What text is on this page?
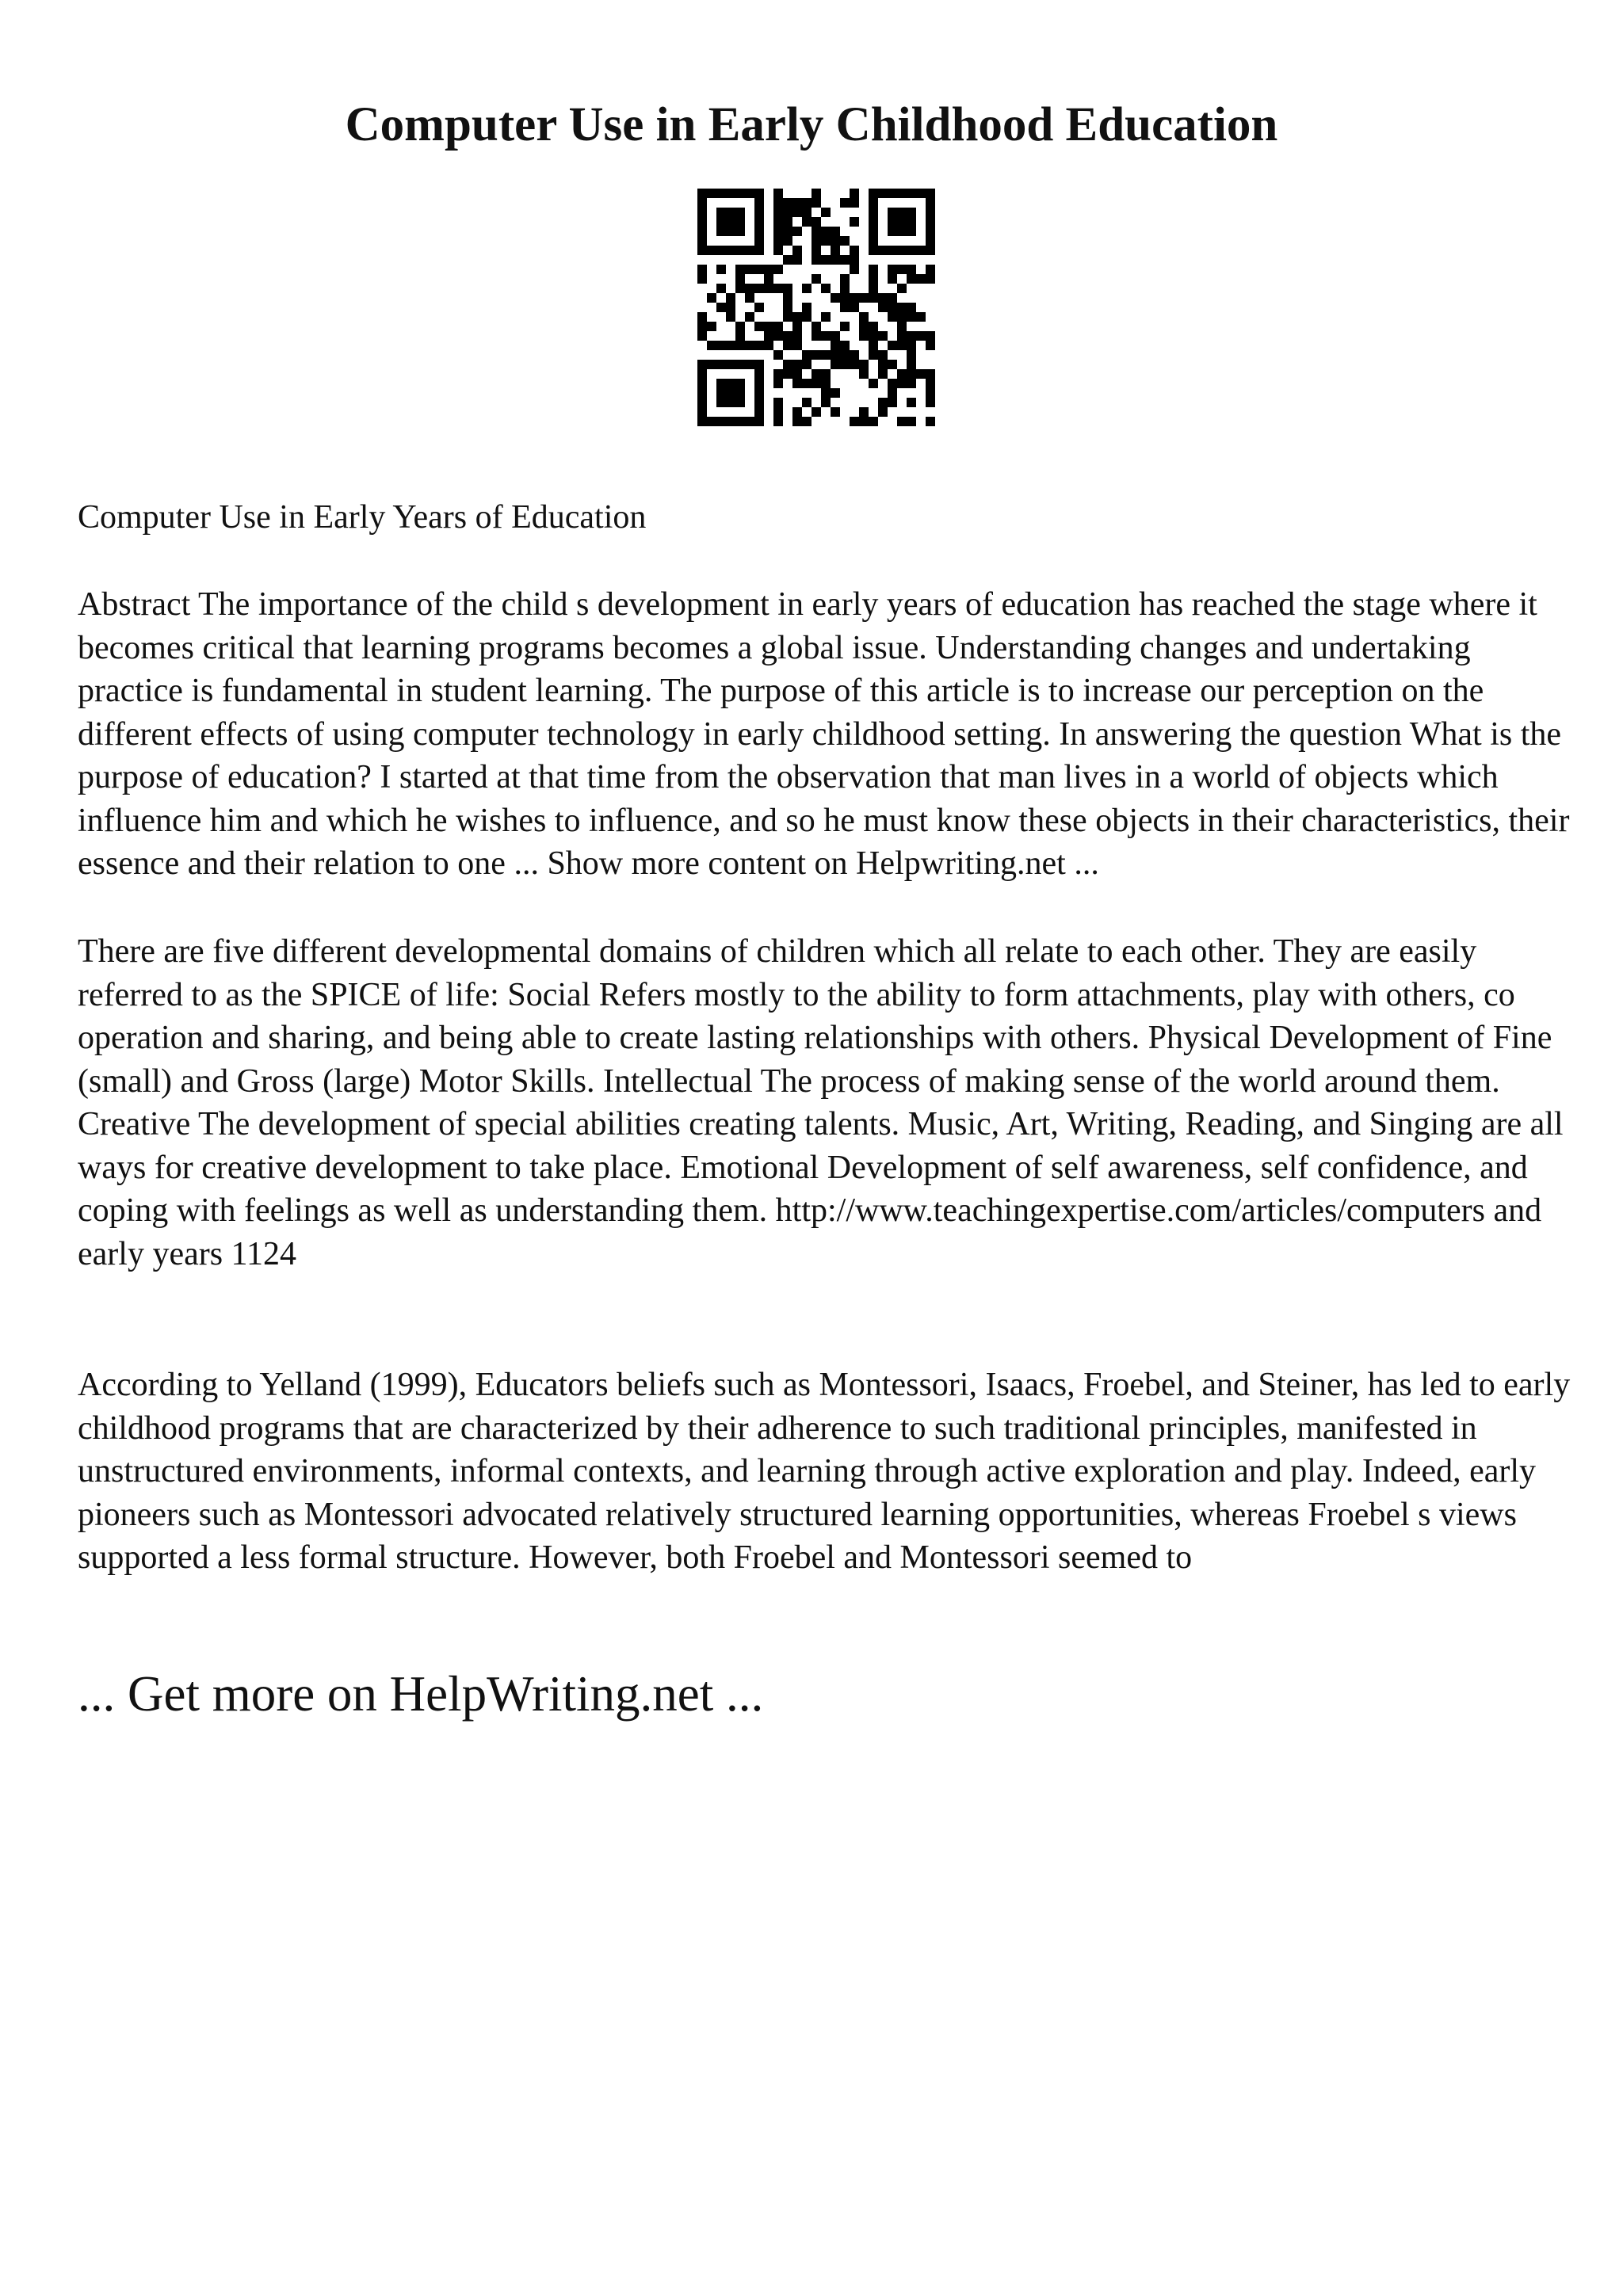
Computer Use in Early Childhood Education

Computer Use in Early Years of Education

Abstract The importance of the child s development in early years of education has reached the stage where it becomes critical that learning programs becomes a global issue. Understanding changes and undertaking practice is fundamental in student learning. The purpose of this article is to increase our perception on the different effects of using computer technology in early childhood setting. In answering the question What is the purpose of education? I started at that time from the observation that man lives in a world of objects which influence him and which he wishes to influence, and so he must know these objects in their characteristics, their essence and their relation to one ... Show more content on Helpwriting.net ...

There are five different developmental domains of children which all relate to each other. They are easily referred to as the SPICE of life: Social Refers mostly to the ability to form attachments, play with others, co operation and sharing, and being able to create lasting relationships with others. Physical Development of Fine (small) and Gross (large) Motor Skills. Intellectual The process of making sense of the world around them. Creative The development of special abilities creating talents. Music, Art, Writing, Reading, and Singing are all ways for creative development to take place. Emotional Development of self awareness, self confidence, and coping with feelings as well as understanding them. http://www.teachingexpertise.com/articles/computers and early years 1124

According to Yelland (1999), Educators beliefs such as Montessori, Isaacs, Froebel, and Steiner, has led to early childhood programs that are characterized by their adherence to such traditional principles, manifested in unstructured environments, informal contexts, and learning through active exploration and play. Indeed, early pioneers such as Montessori advocated relatively structured learning opportunities, whereas Froebel s views supported a less formal structure. However, both Froebel and Montessori seemed to

... Get more on HelpWriting.net ...
